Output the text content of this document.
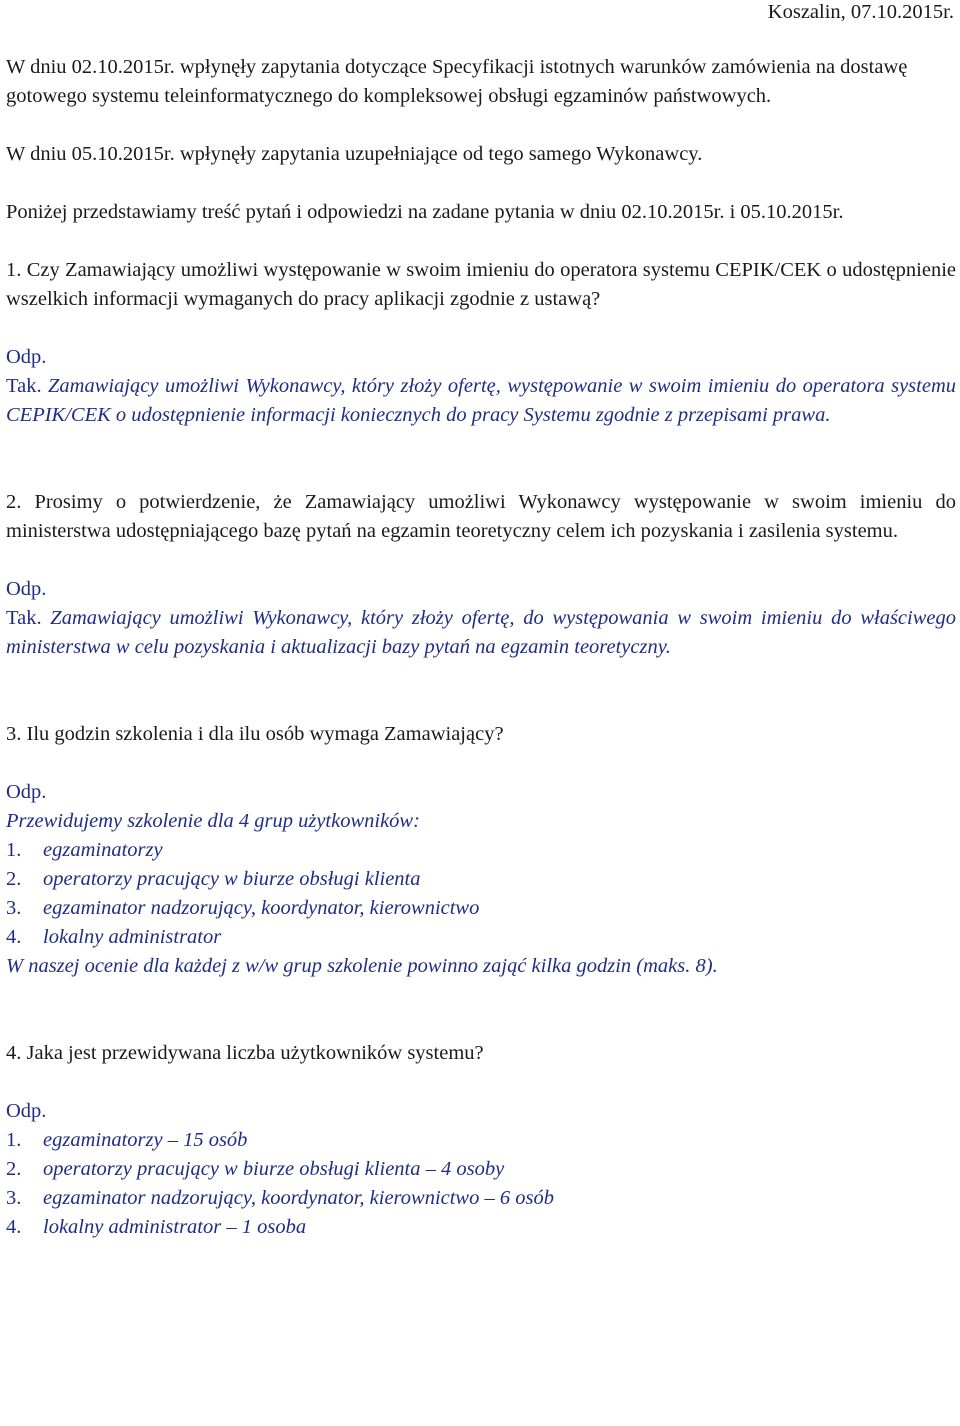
Koszalin, 07.10.2015r.

W dniu 02.10.2015r. wpłynęły zapytania dotyczące Specyfikacji istotnych warunków zamówienia na dostawę gotowego systemu teleinformatycznego do kompleksowej obsługi egzaminów państwowych.

W dniu 05.10.2015r. wpłynęły zapytania uzupełniające od tego samego Wykonawcy.

Poniżej przedstawiamy treść pytań i odpowiedzi na zadane pytania w dniu 02.10.2015r. i 05.10.2015r.

1. Czy Zamawiający umożliwi występowanie w swoim imieniu do operatora systemu CEPIK/CEK o udostępnienie wszelkich informacji wymaganych do pracy aplikacji zgodnie z ustawą?

Odp.

Tak. Zamawiający umożliwi Wykonawcy, który złoży ofertę, występowanie w swoim imieniu do operatora systemu CEPIK/CEK o udostępnienie informacji koniecznych do pracy Systemu zgodnie z przepisami prawa.

2. Prosimy o potwierdzenie, że Zamawiający umożliwi Wykonawcy występowanie w swoim imieniu do ministerstwa udostępniającego bazę pytań na egzamin teoretyczny celem ich pozyskania i zasilenia systemu.

Odp.

Tak. Zamawiający umożliwi Wykonawcy, który złoży ofertę, do występowania w swoim imieniu do właściwego ministerstwa w celu pozyskania i aktualizacji bazy pytań na egzamin teoretyczny.

3. Ilu godzin szkolenia i dla ilu osób wymaga Zamawiający?

Odp.

Przewidujemy szkolenie dla 4 grup użytkowników:

1. egzaminatorzy
2. operatorzy pracujący w biurze obsługi klienta
3. egzaminator nadzorujący, koordynator, kierownictwo
4. lokalny administrator

W naszej ocenie dla każdej z w/w grup szkolenie powinno zająć kilka godzin (maks. 8).

4. Jaka jest przewidywana liczba użytkowników systemu?

Odp.
1. egzaminatorzy – 15 osób
2. operatorzy pracujący w biurze obsługi klienta – 4 osoby
3. egzaminator nadzorujący, koordynator, kierownictwo – 6 osób
4. lokalny administrator – 1 osoba
